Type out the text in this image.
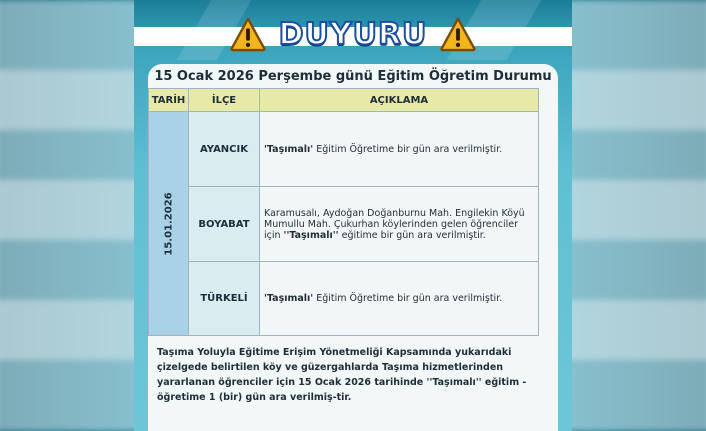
DUYURU
15 Ocak 2026 Perşembe günü Eğitim Öğretim Durumu
TARİH	İLÇE	AÇIKLAMA

15.01.2026	AYANCIK	'Taşımalı' Eğitim Öğretime bir gün ara verilmiştir.
	BOYABAT	Karamusalı, Aydoğan Doğanburnu Mah. Engilekin Köyü Mumullu Mah. Çukurhan köylerinden gelen öğrenciler için ''Taşımalı'' eğitime bir gün ara verilmiştir.
	TÜRKELİ	'Taşımalı' Eğitim Öğretime bir gün ara verilmiştir.
Taşıma Yoluyla Eğitime Erişim Yönetmeliği Kapsamında yukarıdaki çizelgede belirtilen köy ve güzergahlarda Taşıma hizmetlerinden yararlanan öğrenciler için 15 Ocak 2026 tarihinde ''Taşımalı'' eğitim - öğretime 1 (bir) gün ara verilmiş-tir.
